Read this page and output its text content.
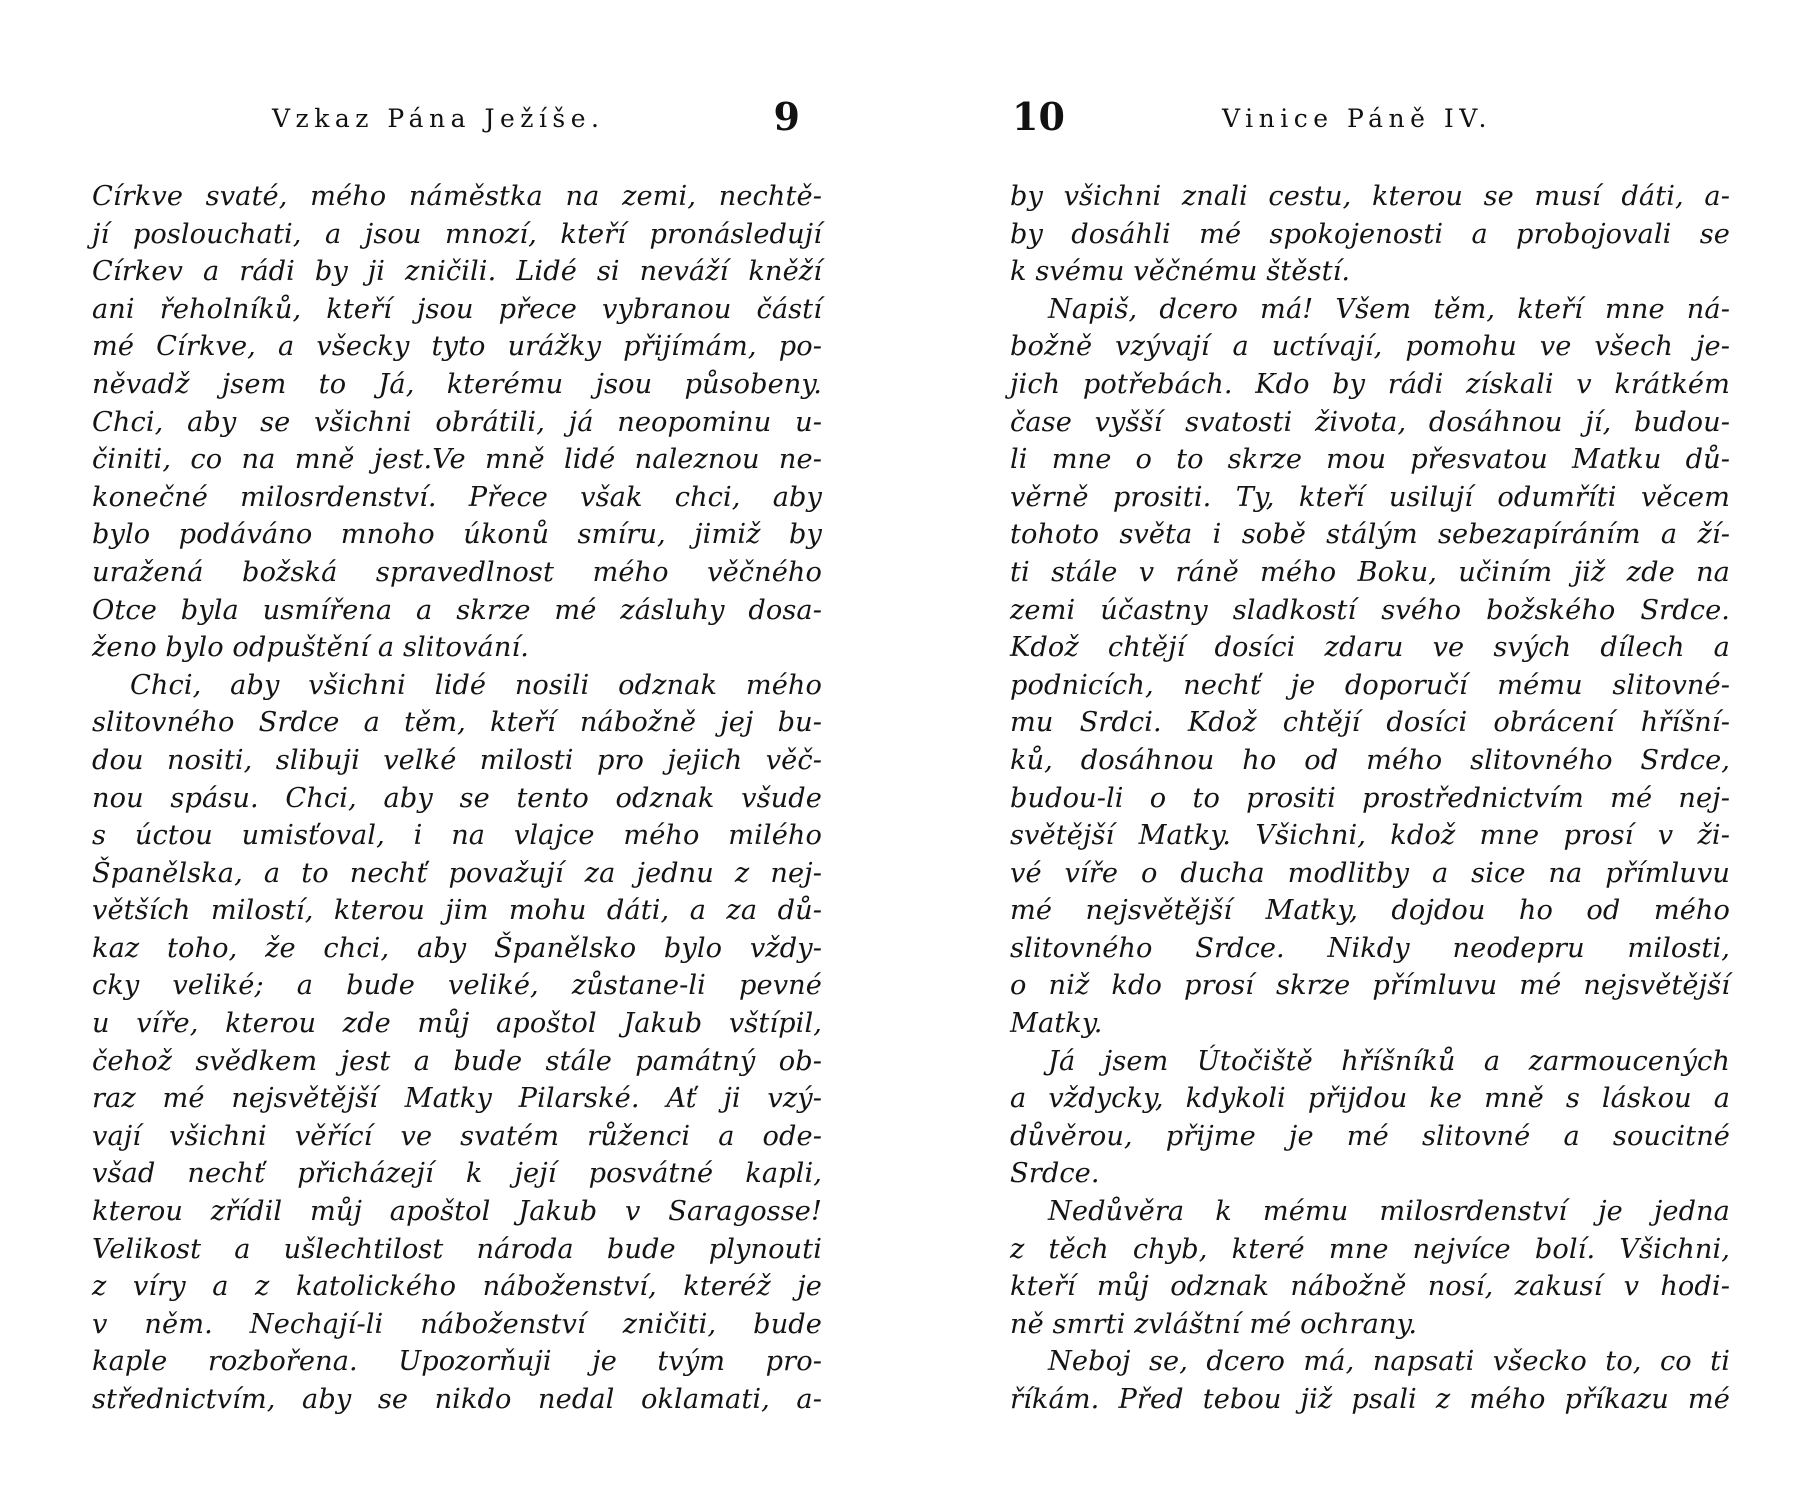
Vzkaz Pána Ježíše.	9
Církve svaté, mého náměstka na zemi, nechtě-
jí poslouchati, a jsou mnozí, kteří pronásledují
Církev a rádi by ji zničili. Lidé si neváží kněží
ani řeholníků, kteří jsou přece vybranou částí
mé Církve, a všecky tyto urážky přijímám, po-
něvadž jsem to Já, kterému jsou působeny.
Chci, aby se všichni obrátili, já neopominu u-
činiti, co na mně jest.Ve mně lidé naleznou ne-
konečné milosrdenství. Přece však chci, aby
bylo podáváno mnoho úkonů smíru, jimiž by
uražená božská spravedlnost mého věčného
Otce byla usmířena a skrze mé zásluhy dosa-
ženo bylo odpuštění a slitování.
Chci, aby všichni lidé nosili odznak mého
slitovného Srdce a těm, kteří nábožně jej bu-
dou nositi, slibuji velké milosti pro jejich věč-
nou spásu. Chci, aby se tento odznak všude
s úctou umisťoval, i na vlajce mého milého
Španělska, a to nechť považují za jednu z nej-
větších milostí, kterou jim mohu dáti, a za dů-
kaz toho, že chci, aby Španělsko bylo vždy-
cky veliké; a bude veliké, zůstane-li pevné
u víře, kterou zde můj apoštol Jakub vštípil,
čehož svědkem jest a bude stále památný ob-
raz mé nejsvětější Matky Pilarské. Ať ji vzý-
vají všichni věřící ve svatém růženci a ode-
všad nechť přicházejí k její posvátné kapli,
kterou zřídil můj apoštol Jakub v Saragosse!
Velikost a ušlechtilost národa bude plynouti
z víry a z katolického náboženství, kteréž je
v něm. Nechají-li náboženství zničiti, bude
kaple rozbořena. Upozorňuji je tvým pro-
střednictvím, aby se nikdo nedal oklamati, a-
10	Vinice Páně IV.
by všichni znali cestu, kterou se musí dáti, a-
by dosáhli mé spokojenosti a probojovali se
k svému věčnému štěstí.
Napiš, dcero má! Všem těm, kteří mne ná-
božně vzývají a uctívají, pomohu ve všech je-
jich potřebách. Kdo by rádi získali v krátkém
čase vyšší svatosti života, dosáhnou jí, budou-
li mne o to skrze mou přesvatou Matku dů-
věrně prositi. Ty, kteří usilují odumříti věcem
tohoto světa i sobě stálým sebezapíráním a ží-
ti stále v ráně mého Boku, učiním již zde na
zemi účastny sladkostí svého božského Srdce.
Kdož chtějí dosíci zdaru ve svých dílech a
podnicích, nechť je doporučí mému slitovné-
mu Srdci. Kdož chtějí dosíci obrácení hříšní-
ků, dosáhnou ho od mého slitovného Srdce,
budou-li o to prositi prostřednictvím mé nej-
světější Matky. Všichni, kdož mne prosí v ži-
vé víře o ducha modlitby a sice na přímluvu
mé nejsvětější Matky, dojdou ho od mého
slitovného Srdce. Nikdy neodepru milosti,
o niž kdo prosí skrze přímluvu mé nejsvětější
Matky.
Já jsem Útočiště hříšníků a zarmoucených
a vždycky, kdykoli přijdou ke mně s láskou a
důvěrou, přijme je mé slitovné a soucitné
Srdce.
Nedůvěra k mému milosrdenství je jedna
z těch chyb, které mne nejvíce bolí. Všichni,
kteří můj odznak nábožně nosí, zakusí v hodi-
ně smrti zvláštní mé ochrany.
Neboj se, dcero má, napsati všecko to, co ti
říkám. Před tebou již psali z mého příkazu mé
